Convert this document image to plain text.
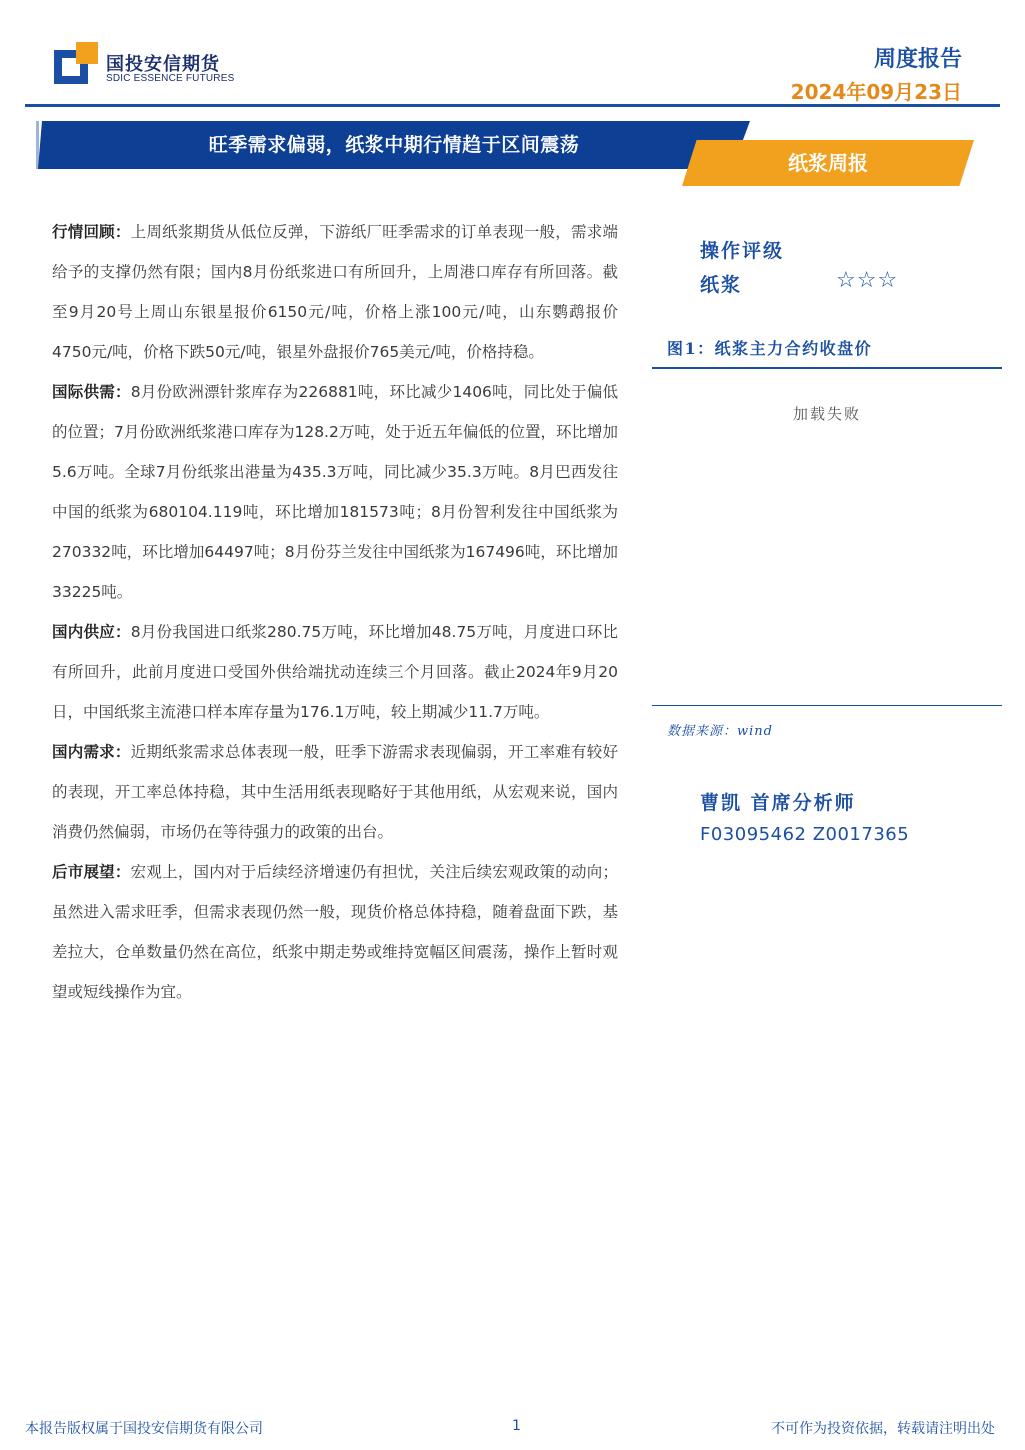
国投安信期货
SDIC ESSENCE FUTURES
周度报告
2024年09月23日
旺季需求偏弱，纸浆中期行情趋于区间震荡
纸浆周报

行情回顾：上周纸浆期货从低位反弹，下游纸厂旺季需求的订单表现一般，需求端给予的支撑仍然有限；国内8月份纸浆进口有所回升，上周港口库存有所回落。截至9月20号上周山东银星报价6150元/吨，价格上涨100元/吨，山东鹦鹉报价4750元/吨，价格下跌50元/吨，银星外盘报价765美元/吨，价格持稳。

国际供需：8月份欧洲漂针浆库存为226881吨，环比减少1406吨，同比处于偏低的位置；7月份欧洲纸浆港口库存为128.2万吨，处于近五年偏低的位置，环比增加5.6万吨。全球7月份纸浆出港量为435.3万吨，同比减少35.3万吨。8月巴西发往中国的纸浆为680104.119吨，环比增加181573吨；8月份智利发往中国纸浆为270332吨，环比增加64497吨；8月份芬兰发往中国纸浆为167496吨，环比增加33225吨。

国内供应：8月份我国进口纸浆280.75万吨，环比增加48.75万吨，月度进口环比有所回升，此前月度进口受国外供给端扰动连续三个月回落。截止2024年9月20日，中国纸浆主流港口样本库存量为176.1万吨，较上期减少11.7万吨。

国内需求：近期纸浆需求总体表现一般，旺季下游需求表现偏弱，开工率难有较好的表现，开工率总体持稳，其中生活用纸表现略好于其他用纸，从宏观来说，国内消费仍然偏弱，市场仍在等待强力的政策的出台。

后市展望：宏观上，国内对于后续经济增速仍有担忧，关注后续宏观政策的动向；虽然进入需求旺季，但需求表现仍然一般，现货价格总体持稳，随着盘面下跌，基差拉大，仓单数量仍然在高位，纸浆中期走势或维持宽幅区间震荡，操作上暂时观望或短线操作为宜。

操作评级
纸浆	☆☆☆
图1：纸浆主力合约收盘价
加载失败
数据来源：wind
曹凯 首席分析师
F03095462 Z0017365
本报告版权属于国投安信期货有限公司	1	不可作为投资依据，转载请注明出处
